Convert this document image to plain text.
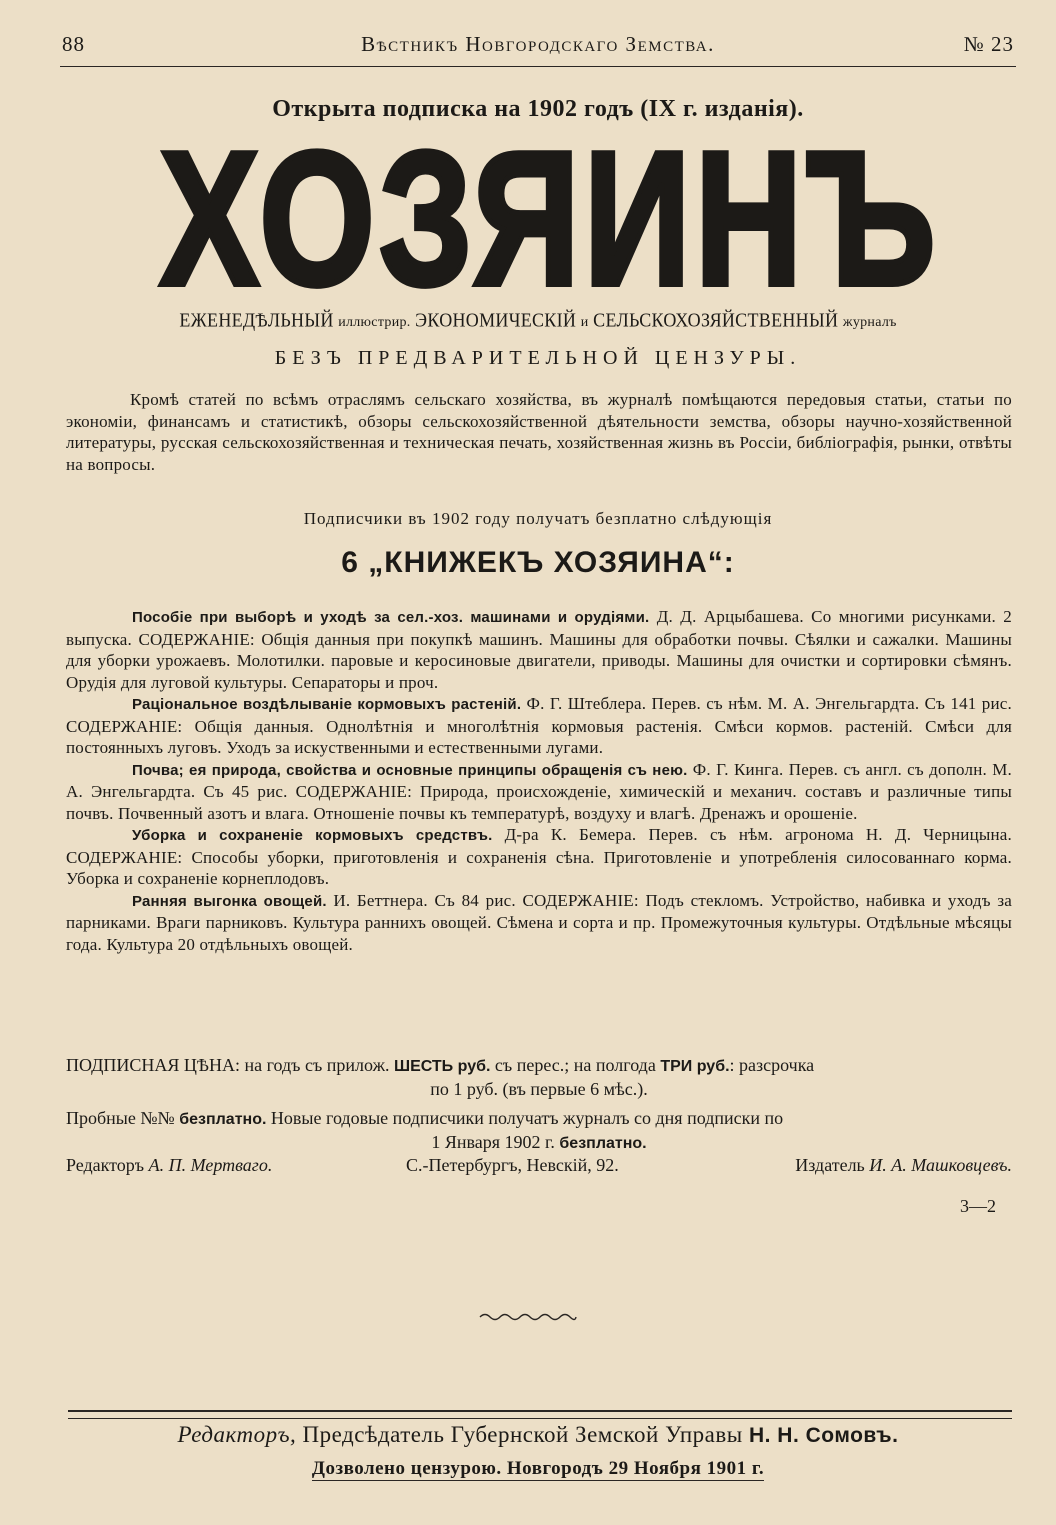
88	Вѣстникъ Новгородскаго Земства.	№ 23
Открыта подписка на 1902 годъ (IX г. изданія).
ХОЗЯИНЪ
ЕЖЕНЕДѢЛЬНЫЙ иллюстрир. ЭКОНОМИЧЕСКІЙ и СЕЛЬСКОХОЗЯЙСТВЕННЫЙ журналъ
БЕЗЪ ПРЕДВАРИТЕЛЬНОЙ ЦЕНЗУРЫ.
Кромѣ статей по всѣмъ отраслямъ сельскаго хозяйства, въ журналѣ помѣщаются передовыя статьи, статьи по экономіи, финансамъ и статистикѣ, обзоры сельскохозяйственной дѣятельности земства, обзоры научно-хозяйственной литературы, русская сельскохозяйственная и техническая печать, хозяйственная жизнь въ Россіи, библіографія, рынки, отвѣты на вопросы.
Подписчики въ 1902 году получатъ безплатно слѣдующія
6 „КНИЖЕКЪ ХОЗЯИНА“:

Пособіе при выборѣ и уходѣ за сел.-хоз. машинами и орудіями. Д. Д. Арцыбашева. Со многими рисунками. 2 выпуска. СОДЕРЖАНІЕ: Общія данныя при покупкѣ машинъ. Машины для обработки почвы. Сѣялки и сажалки. Машины для уборки урожаевъ. Молотилки. паровые и керосиновые двигатели, приводы. Машины для очистки и сортировки сѣмянъ. Орудія для луговой культуры. Сепараторы и проч.

Раціональное воздѣлываніе кормовыхъ растеній. Ф. Г. Штеблера. Перев. съ нѣм. М. А. Энгельгардта. Съ 141 рис. СОДЕРЖАНІЕ: Общія данныя. Однолѣтнія и многолѣтнія кормовыя растенія. Смѣси кормов. растеній. Смѣси для постоянныхъ луговъ. Уходъ за искуственными и естественными лугами.

Почва; ея природа, свойства и основные принципы обращенія съ нею. Ф. Г. Кинга. Перев. съ англ. съ дополн. М. А. Энгельгардта. Съ 45 рис. СОДЕРЖАНІЕ: Природа, происхожденіе, химическій и механич. составъ и различные типы почвъ. Почвенный азотъ и влага. Отношеніе почвы къ температурѣ, воздуху и влагѣ. Дренажъ и орошеніе.

Уборка и сохраненіе кормовыхъ средствъ. Д-ра К. Бемера. Перев. съ нѣм. агронома Н. Д. Черницына. СОДЕРЖАНІЕ: Способы уборки, приготовленія и сохраненія сѣна. Приготовленіе и употребленія силосованнаго корма. Уборка и сохраненіе корнеплодовъ.

Ранняя выгонка овощей. И. Беттнера. Съ 84 рис. СОДЕРЖАНІЕ: Подъ стекломъ. Устройство, набивка и уходъ за парниками. Враги парниковъ. Культура раннихъ овощей. Сѣмена и сорта и пр. Промежуточныя культуры. Отдѣльные мѣсяцы года. Культура 20 отдѣльныхъ овощей.

ПОДПИСНАЯ ЦѢНА: на годъ съ прилож. ШЕСТЬ руб. съ перес.; на полгода ТРИ руб.: разсрочка
по 1 руб. (въ первые 6 мѣс.).
Пробные №№ безплатно. Новые годовые подписчики получатъ журналъ со дня подписки по
1 Января 1902 г. безплатно.
Редакторъ А. П. Мертваго.	С.-Петербургъ, Невскій, 92.	Издатель И. А. Машковцевъ.
3—2
Редакторъ, Предсѣдатель Губернской Земской Управы Н. Н. Сомовъ.
Дозволено цензурою. Новгородъ 29 Ноября 1901 г.
